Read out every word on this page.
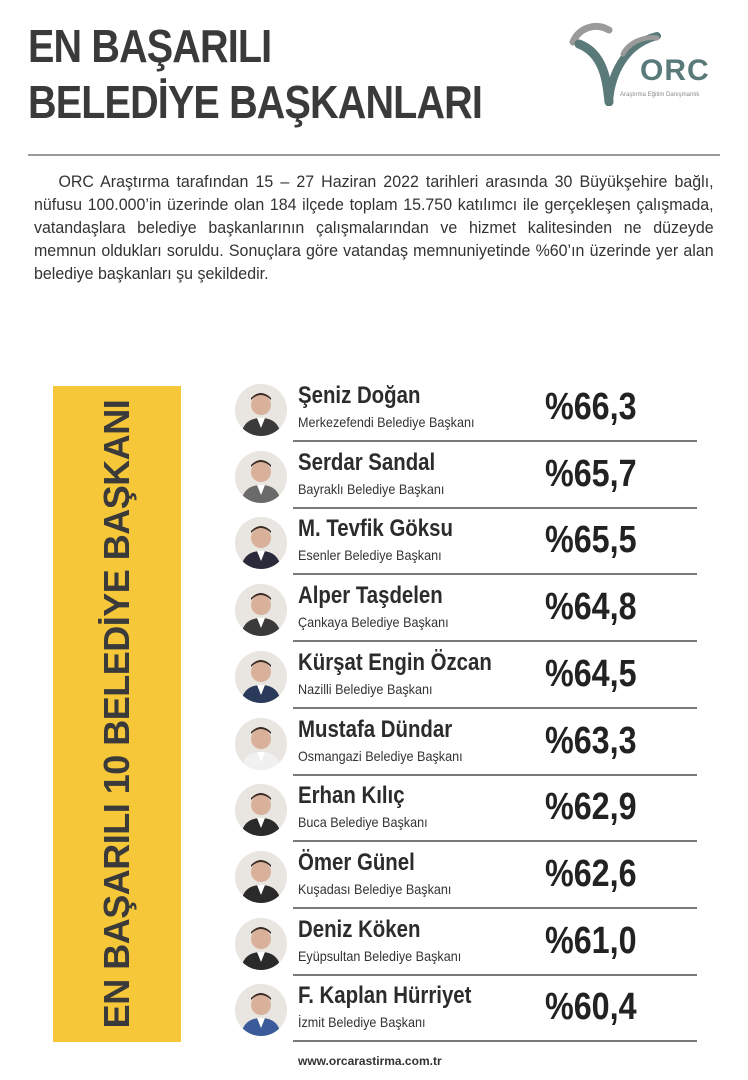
EN BAŞARILI
BELEDİYE BAŞKANLARI
ORC
Araştırma Eğitim Danışmanlık

ORC Araştırma tarafından 15 – 27 Haziran 2022 tarihleri arasında 30 Büyükşehire bağlı, nüfusu 100.000’in üzerinde olan 184 ilçede toplam 15.750 katılımcı ile gerçekleşen çalışmada, vatandaşlara belediye başkanlarının çalışmalarından ve hizmet kalitesinden ne düzeyde memnun oldukları soruldu. Sonuçlara göre vatandaş memnuniyetinde %60’ın üzerinde yer alan belediye başkanları şu şekildedir.

EN BAŞARILI 10 BELEDİYE BAŞKANI
Şeniz Doğan
Merkezefendi Belediye Başkanı %66,3
Serdar Sandal
Bayraklı Belediye Başkanı	%65,7
M. Tevfik Göksu
Esenler Belediye Başkanı	%65,5
Alper Taşdelen
Çankaya Belediye Başkanı	%64,8
Kürşat Engin Özcan
Nazilli Belediye Başkanı	%64,5
Mustafa Dündar
Osmangazi Belediye Başkanı %63,3
Erhan Kılıç
Buca Belediye Başkanı	%62,9
Ömer Günel
Kuşadası Belediye Başkanı %62,6
Deniz Köken
Eyüpsultan Belediye Başkanı %61,0
F. Kaplan Hürriyet
İzmit Belediye Başkanı	%60,4
www.orcarastirma.com.tr
